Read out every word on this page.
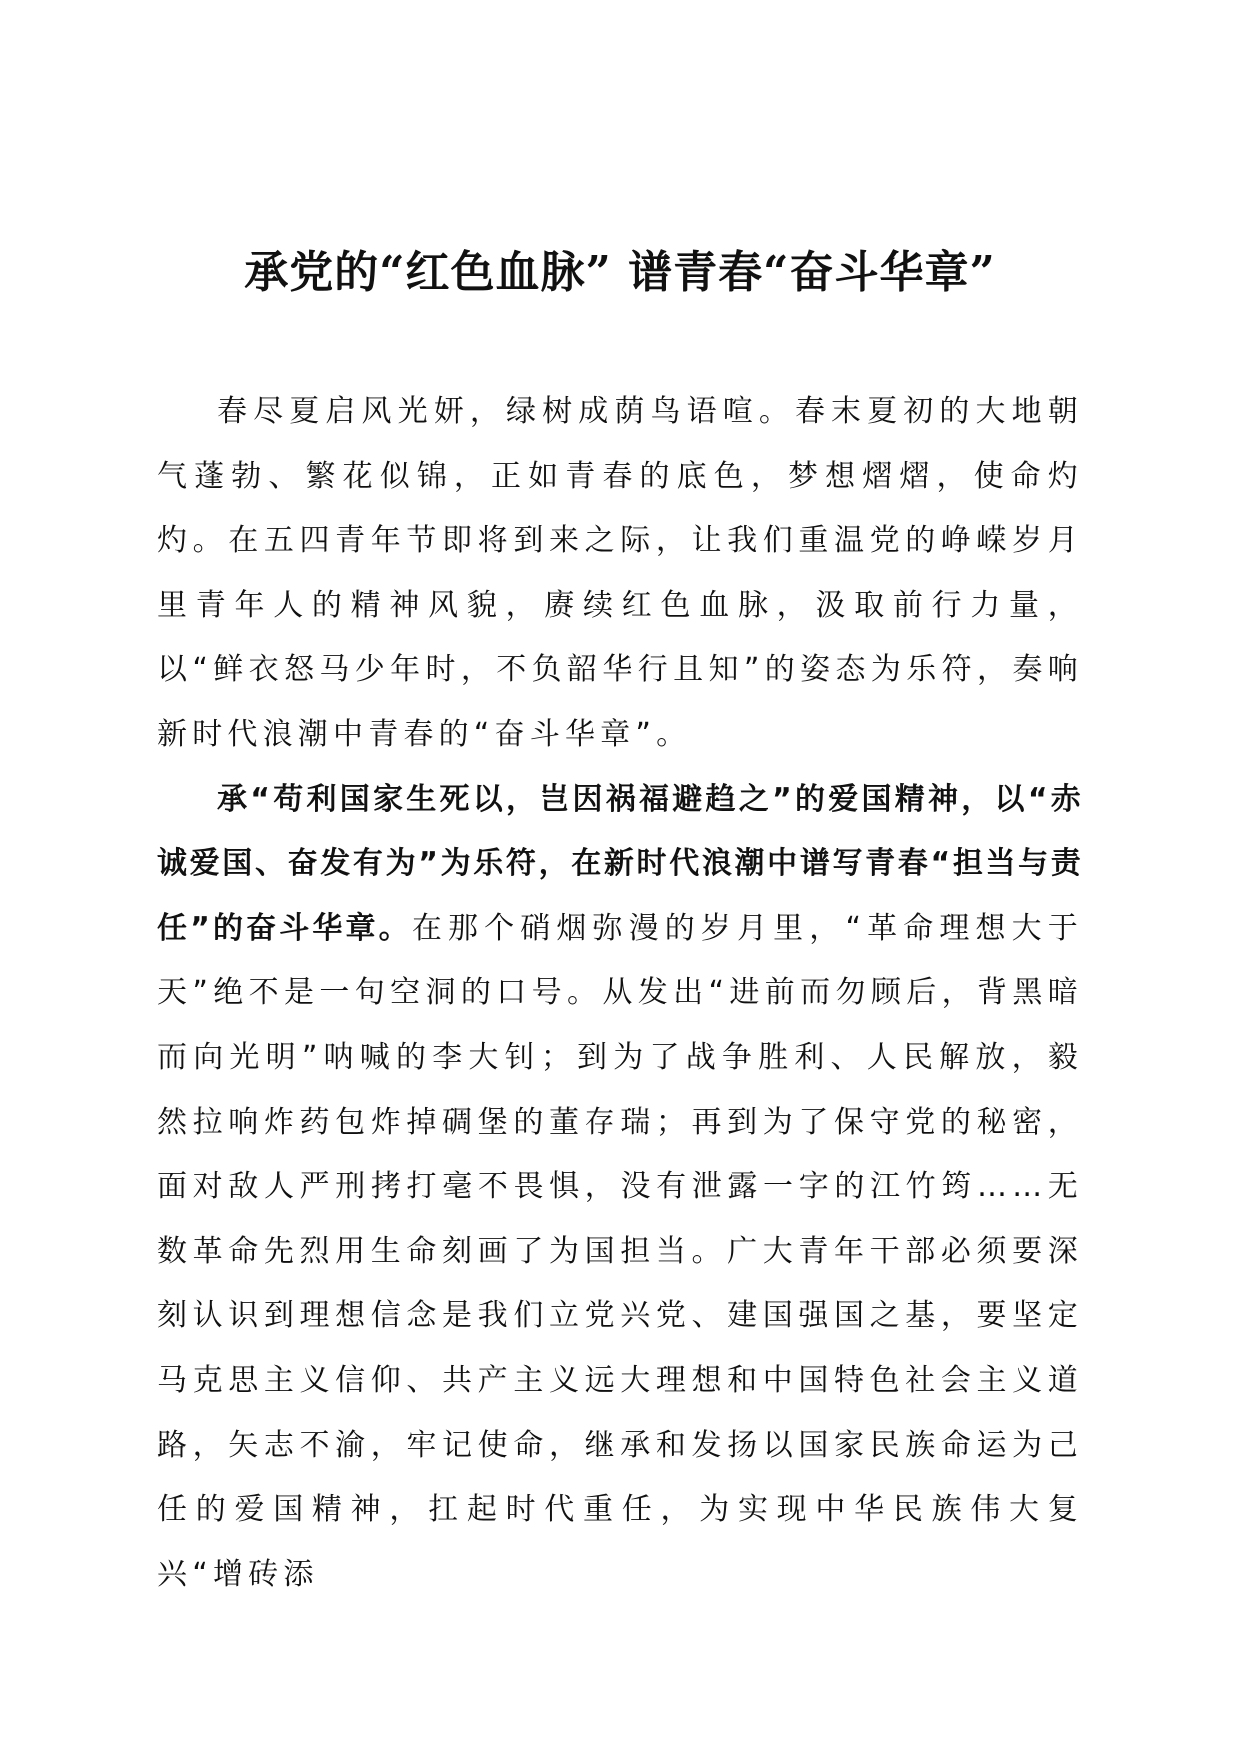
承党的“红色血脉” 谱青春“奋斗华章”

春尽夏启风光妍，绿树成荫鸟语喧。春末夏初的大地朝气蓬勃、繁花似锦，正如青春的底色，梦想熠熠，使命灼灼。在五四青年节即将到来之际，让我们重温党的峥嵘岁月里青年人的精神风貌，赓续红色血脉，汲取前行力量，以“鲜衣怒马少年时，不负韶华行且知”的姿态为乐符，奏响新时代浪潮中青春的“奋斗华章”。

承“苟利国家生死以，岂因祸福避趋之”的爱国精神，以“赤诚爱国、奋发有为”为乐符，在新时代浪潮中谱写青春“担当与责任”的奋斗华章。在那个硝烟弥漫的岁月里，“革命理想大于天”绝不是一句空洞的口号。从发出“进前而勿顾后，背黑暗而向光明”呐喊的李大钊；到为了战争胜利、人民解放，毅然拉响炸药包炸掉碉堡的董存瑞；再到为了保守党的秘密，面对敌人严刑拷打毫不畏惧，没有泄露一字的江竹筠……无数革命先烈用生命刻画了为国担当。广大青年干部必须要深刻认识到理想信念是我们立党兴党、建国强国之基，要坚定马克思主义信仰、共产主义远大理想和中国特色社会主义道路，矢志不渝，牢记使命，继承和发扬以国家民族命运为己任的爱国精神，扛起时代重任，为实现中华民族伟大复兴“增砖添
